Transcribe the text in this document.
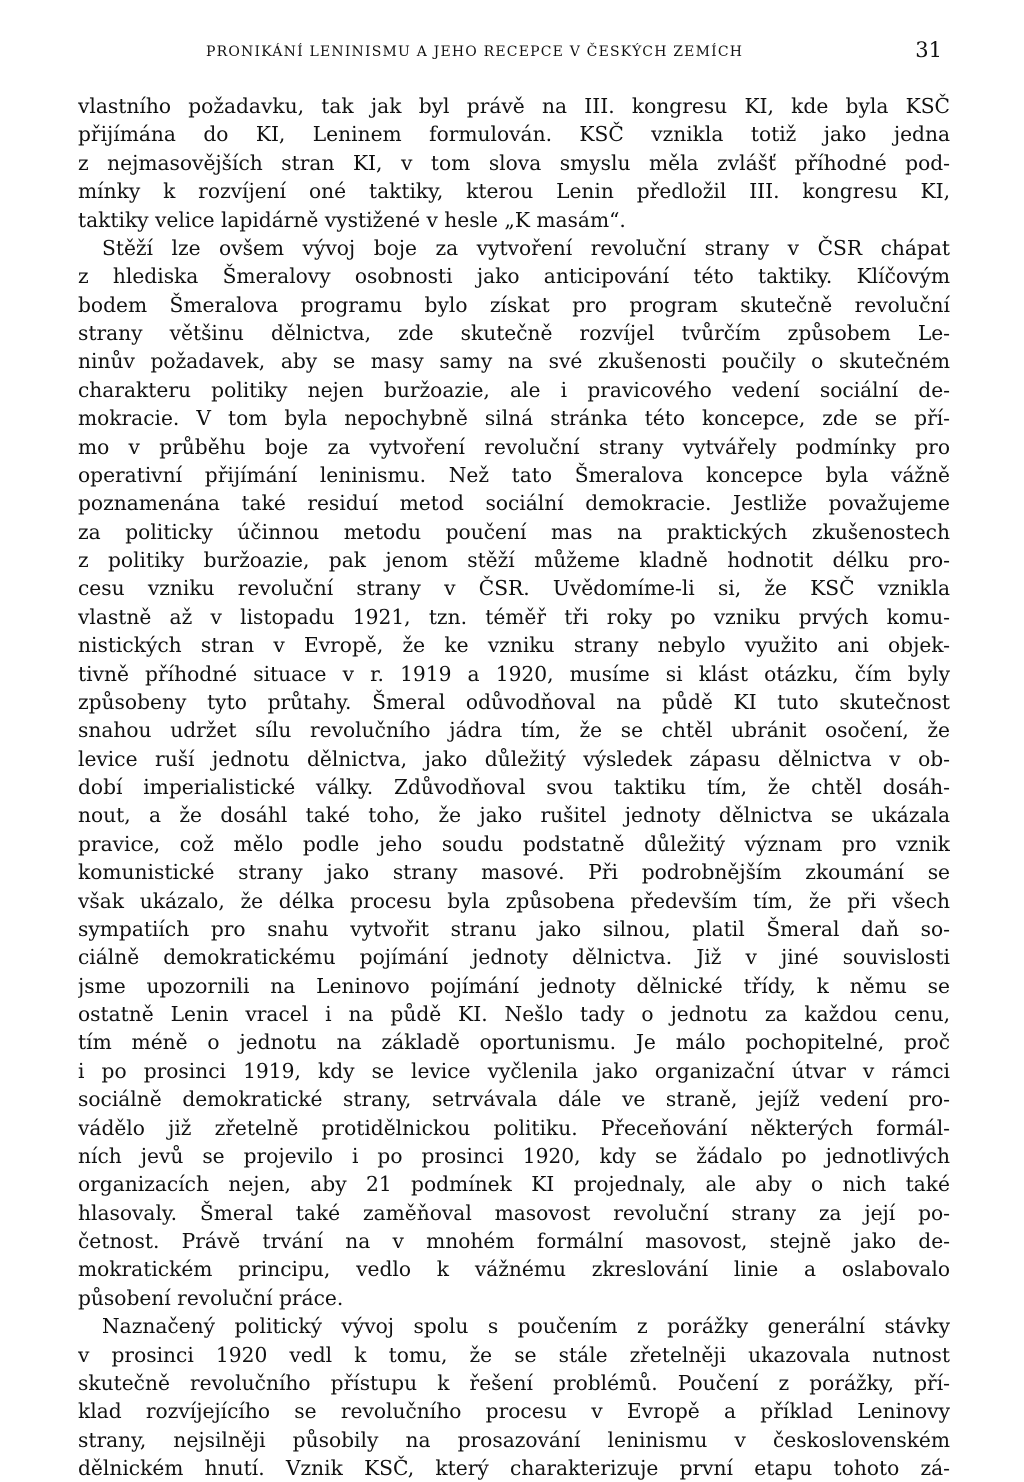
PRONIKÁNÍ LENINISMU A JEHO RECEPCE V ČESKÝCH ZEMÍCH	31
vlastního požadavku, tak jak byl právě na III. kongresu KI, kde byla KSČ
přijímána do KI, Leninem formulován. KSČ vznikla totiž jako jedna
z nejmasovějších stran KI, v tom slova smyslu měla zvlášť příhodné pod-
mínky k rozvíjení oné taktiky, kterou Lenin předložil III. kongresu KI,
taktiky velice lapidárně vystižené v hesle „K masám“.
Stěží lze ovšem vývoj boje za vytvoření revoluční strany v ČSR chápat
z hlediska Šmeralovy osobnosti jako anticipování této taktiky. Klíčovým
bodem Šmeralova programu bylo získat pro program skutečně revoluční
strany většinu dělnictva, zde skutečně rozvíjel tvůrčím způsobem Le-
ninův požadavek, aby se masy samy na své zkušenosti poučily o skutečném
charakteru politiky nejen buržoazie, ale i pravicového vedení sociální de-
mokracie. V tom byla nepochybně silná stránka této koncepce, zde se pří-
mo v průběhu boje za vytvoření revoluční strany vytvářely podmínky pro
operativní přijímání leninismu. Než tato Šmeralova koncepce byla vážně
poznamenána také residuí metod sociální demokracie. Jestliže považujeme
za politicky účinnou metodu poučení mas na praktických zkušenostech
z politiky buržoazie, pak jenom stěží můžeme kladně hodnotit délku pro-
cesu vzniku revoluční strany v ČSR. Uvědomíme-li si, že KSČ vznikla
vlastně až v listopadu 1921, tzn. téměř tři roky po vzniku prvých komu-
nistických stran v Evropě, že ke vzniku strany nebylo využito ani objek-
tivně příhodné situace v r. 1919 a 1920, musíme si klást otázku, čím byly
způsobeny tyto průtahy. Šmeral odůvodňoval na půdě KI tuto skutečnost
snahou udržet sílu revolučního jádra tím, že se chtěl ubránit osočení, že
levice ruší jednotu dělnictva, jako důležitý výsledek zápasu dělnictva v ob-
dobí imperialistické války. Zdůvodňoval svou taktiku tím, že chtěl dosáh-
nout, a že dosáhl také toho, že jako rušitel jednoty dělnictva se ukázala
pravice, což mělo podle jeho soudu podstatně důležitý význam pro vznik
komunistické strany jako strany masové. Při podrobnějším zkoumání se
však ukázalo, že délka procesu byla způsobena především tím, že při všech
sympatiích pro snahu vytvořit stranu jako silnou, platil Šmeral daň so-
ciálně demokratickému pojímání jednoty dělnictva. Již v jiné souvislosti
jsme upozornili na Leninovo pojímání jednoty dělnické třídy, k němu se
ostatně Lenin vracel i na půdě KI. Nešlo tady o jednotu za každou cenu,
tím méně o jednotu na základě oportunismu. Je málo pochopitelné, proč
i po prosinci 1919, kdy se levice vyčlenila jako organizační útvar v rámci
sociálně demokratické strany, setrvávala dále ve straně, jejíž vedení pro-
vádělo již zřetelně protidělnickou politiku. Přeceňování některých formál-
ních jevů se projevilo i po prosinci 1920, kdy se žádalo po jednotlivých
organizacích nejen, aby 21 podmínek KI projednaly, ale aby o nich také
hlasovaly. Šmeral také zaměňoval masovost revoluční strany za její po-
četnost. Právě trvání na v mnohém formální masovost, stejně jako de-
mokratickém principu, vedlo k vážnému zkreslování linie a oslabovalo
působení revoluční práce.
Naznačený politický vývoj spolu s poučením z porážky generální stávky
v prosinci 1920 vedl k tomu, že se stále zřetelněji ukazovala nutnost
skutečně revolučního přístupu k řešení problémů. Poučení z porážky, pří-
klad rozvíjejícího se revolučního procesu v Evropě a příklad Leninovy
strany, nejsilněji působily na prosazování leninismu v československém
dělnickém hnutí. Vznik KSČ, který charakterizuje první etapu tohoto zá-
